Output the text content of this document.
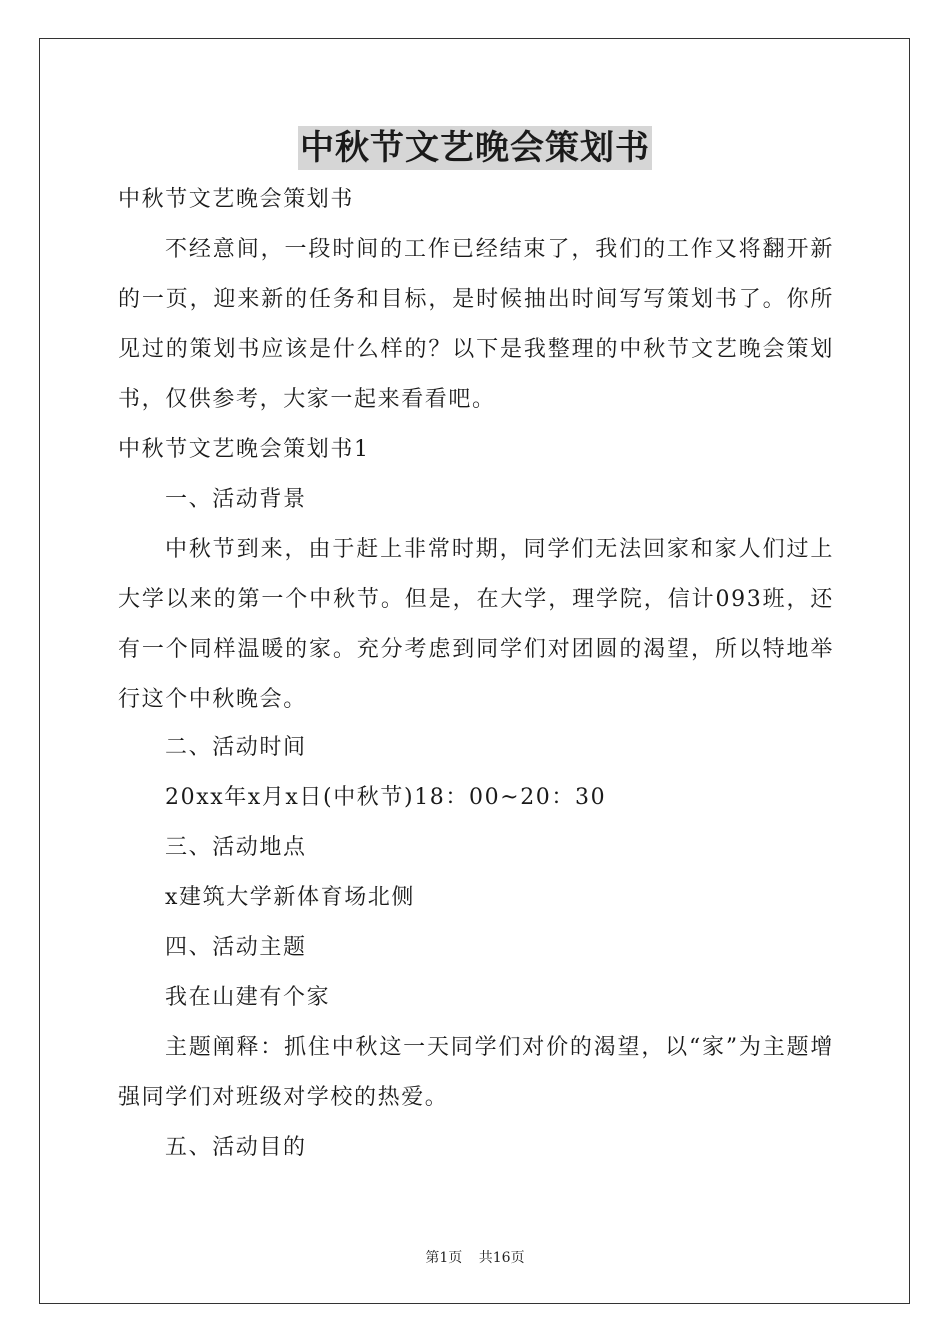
中秋节文艺晚会策划书

中秋节文艺晚会策划书

不经意间，一段时间的工作已经结束了，我们的工作又将翻开新的一页，迎来新的任务和目标，是时候抽出时间写写策划书了。你所见过的策划书应该是什么样的？以下是我整理的中秋节文艺晚会策划书，仅供参考，大家一起来看看吧。

中秋节文艺晚会策划书1

一、活动背景

中秋节到来，由于赶上非常时期，同学们无法回家和家人们过上大学以来的第一个中秋节。但是，在大学，理学院，信计093班，还有一个同样温暖的家。充分考虑到同学们对团圆的渴望，所以特地举行这个中秋晚会。

二、活动时间

20xx年x月x日(中秋节)18：00~20：30

三、活动地点

x建筑大学新体育场北侧

四、活动主题

我在山建有个家

主题阐释：抓住中秋这一天同学们对价的渴望，以“家”为主题增强同学们对班级对学校的热爱。

五、活动目的

第1页 共16页
